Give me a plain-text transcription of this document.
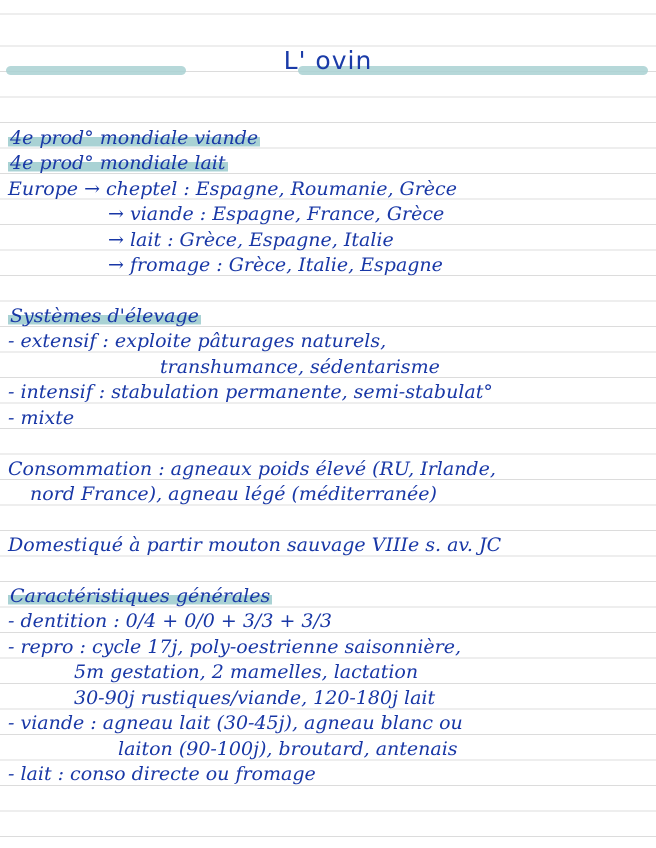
L' ovin
4e prod° mondiale viande
4e prod° mondiale lait
Europe → cheptel : Espagne, Roumanie, Grèce
→ viande : Espagne, France, Grèce
→ lait : Grèce, Espagne, Italie
→ fromage : Grèce, Italie, Espagne
Systèmes d'élevage
- extensif : exploite pâturages naturels,
transhumance, sédentarisme
- intensif : stabulation permanente, semi-stabulat°
- mixte
Consommation : agneaux poids élevé (RU, Irlande,
nord France), agneau légé (méditerranée)
Domestiqué à partir mouton sauvage VIIIe s. av. JC
Caractéristiques générales
- dentition : 0/4 + 0/0 + 3/3 + 3/3
- repro : cycle 17j, poly-oestrienne saisonnière,
5m gestation, 2 mamelles, lactation
30-90j rustiques/viande, 120-180j lait
- viande : agneau lait (30-45j), agneau blanc ou
laiton (90-100j), broutard, antenais
- lait : conso directe ou fromage
